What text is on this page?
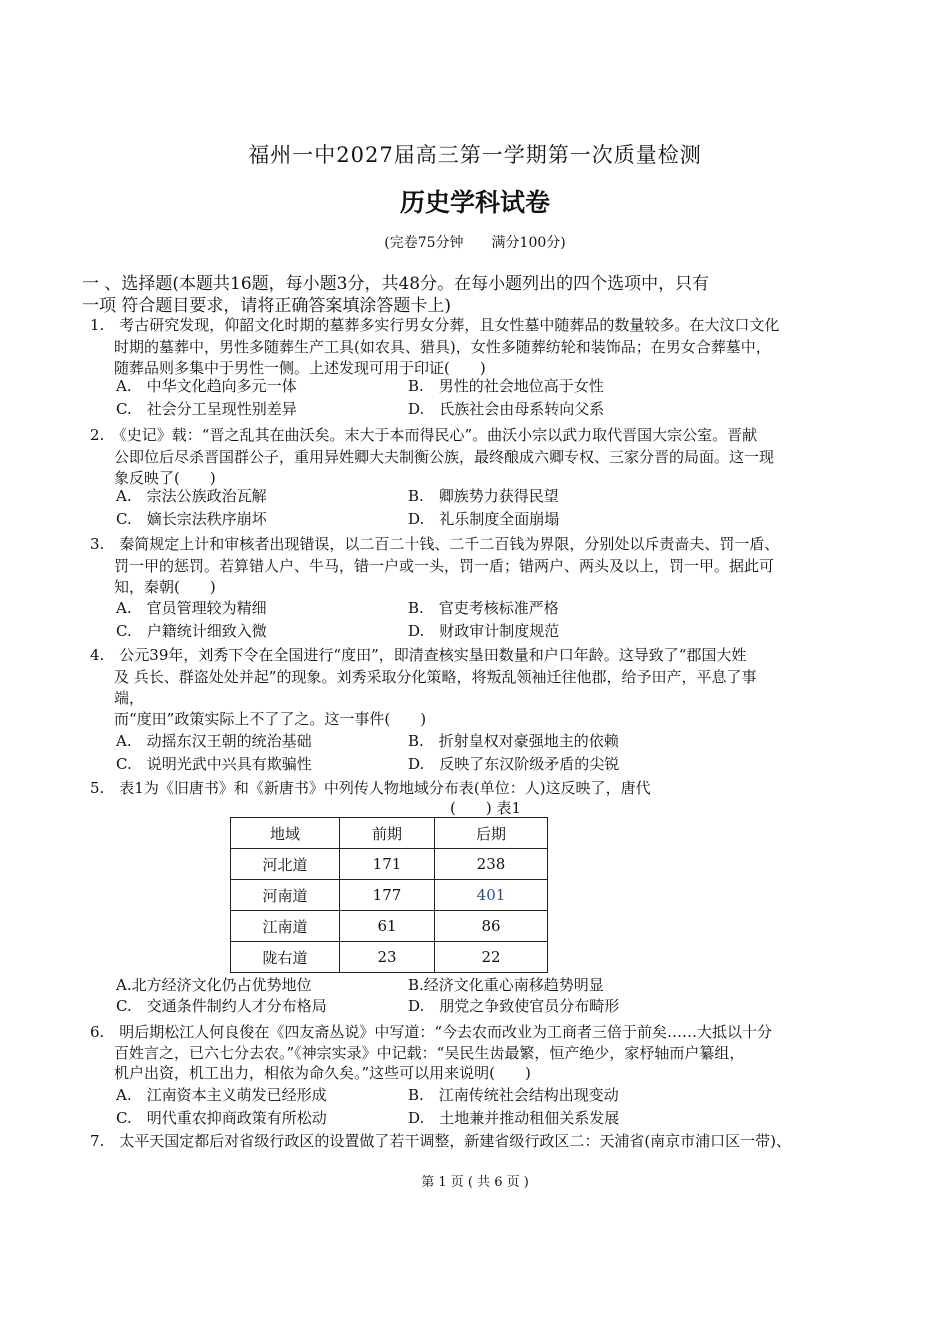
福州一中2027届高三第一学期第一次质量检测
历史学科试卷
(完卷75分钟　　满分100分)
一 、选择题(本题共16题，每小题3分，共48分。在每小题列出的四个选项中，只有
一项 符合题目要求，请将正确答案填涂答题卡上)
1.　考古研究发现，仰韶文化时期的墓葬多实行男女分葬，且女性墓中随葬品的数量较多。在大汶口文化
时期的墓葬中，男性多随葬生产工具(如农具、猎具)，女性多随葬纺轮和装饰品；在男女合葬墓中，
随葬品则多集中于男性一侧。上述发现可用于印证(　　)
A.　中华文化趋向多元一体	B.　男性的社会地位高于女性
C.　社会分工呈现性别差异	D.　氏族社会由母系转向父系
2.　《史记》载：“晋之乱其在曲沃矣。末大于本而得民心”。曲沃小宗以武力取代晋国大宗公室。晋献
公即位后尽杀晋国群公子，重用异姓卿大夫制衡公族，最终酿成六卿专权、三家分晋的局面。这一现
象反映了(　　)
A.　宗法公族政治瓦解	B.　卿族势力获得民望
C.　嫡长宗法秩序崩坏	D.　礼乐制度全面崩塌
3.　秦简规定上计和审核者出现错误，以二百二十钱、二千二百钱为界限，分别处以斥责啬夫、罚一盾、
罚一甲的惩罚。若算错人户、牛马，错一户或一头，罚一盾；错两户、两头及以上，罚一甲。据此可
知，秦朝(　　)
A.　官员管理较为精细	B.　官吏考核标准严格
C.　户籍统计细致入微	D.　财政审计制度规范
4.　公元39年，刘秀下令在全国进行“度田”，即清查核实垦田数量和户口年龄。这导致了“郡国大姓
及 兵长、群盗处处并起”的现象。刘秀采取分化策略，将叛乱领袖迁往他郡，给予田产，平息了事
端，
而“度田”政策实际上不了了之。这一事件(　　)
A.　动摇东汉王朝的统治基础	B.　折射皇权对豪强地主的依赖
C.　说明光武中兴具有欺骗性	D.　反映了东汉阶级矛盾的尖锐
5.　表1为《旧唐书》和《新唐书》中列传人物地域分布表(单位：人)这反映了，唐代
(　　) 表1
地域	前期	后期
河北道	171	238
河南道	177	401
江南道	61	86
陇右道	23	22
A.北方经济文化仍占优势地位	B.经济文化重心南移趋势明显
C.　交通条件制约人才分布格局	D.　朋党之争致使官员分布畸形
6.　明后期松江人何良俊在《四友斋丛说》中写道：“今去农而改业为工商者三倍于前矣……大抵以十分
百姓言之，已六七分去农。”《神宗实录》中记载：“吴民生齿最繁，恒产绝少，家杼轴而户纂组，
机户出资，机工出力，相依为命久矣。”这些可以用来说明(　　)
A.　江南资本主义萌发已经形成	B.　江南传统社会结构出现变动
C.　明代重农抑商政策有所松动	D.　土地兼并推动租佃关系发展
7.　太平天国定都后对省级行政区的设置做了若干调整，新建省级行政区二：天浦省(南京市浦口区一带)、
第 1 页 ( 共 6 页 )
